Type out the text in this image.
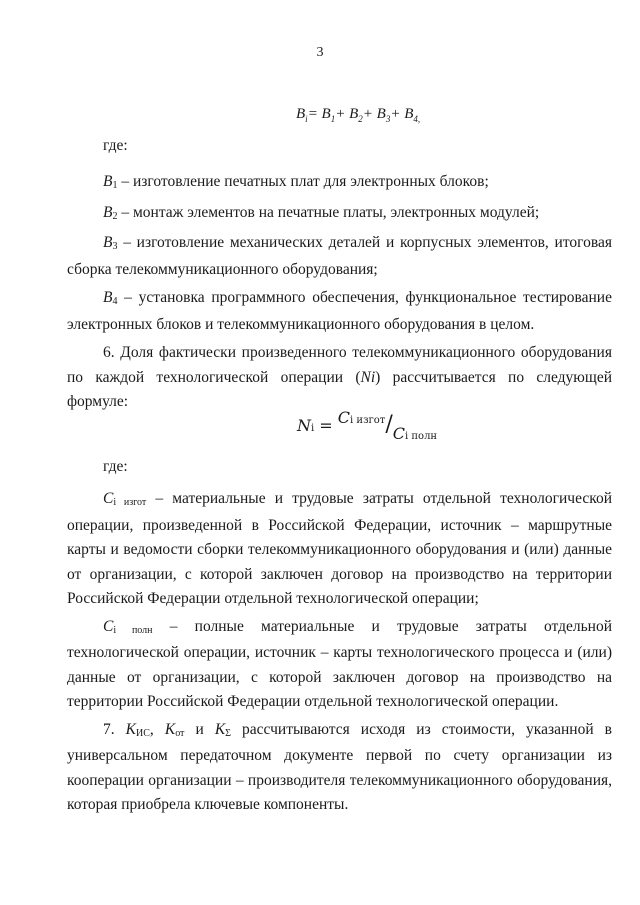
3
$B_i= B_1+ B_2+ B_3+ B_{4,}$
где:

B1 – изготовление печатных плат для электронных блоков;

B2 – монтаж элементов на печатные платы, электронных модулей;

B3 – изготовление механических деталей и корпусных элементов, итоговая сборка телекоммуникационного оборудования;

B4 – установка программного обеспечения, функциональное тестирование электронных блоков и телекоммуникационного оборудования в целом.

6. Доля фактически произведенного телекоммуникационного оборудования по каждой технологической операции (Ni) рассчитывается по следующей формуле:

Ni = Ci изгот/Ci полн
где:

Ci изгот – материальные и трудовые затраты отдельной технологической операции, произведенной в Российской Федерации, источник – маршрутные карты и ведомости сборки телекоммуникационного оборудования и (или) данные от организации, с которой заключен договор на производство на территории Российской Федерации отдельной технологической операции;

Ci полн – полные материальные и трудовые затраты отдельной технологической операции, источник – карты технологического процесса и (или) данные от организации, с которой заключен договор на производство на территории Российской Федерации отдельной технологической операции.

7. KИС, Kот и KΣ рассчитываются исходя из стоимости, указанной в универсальном передаточном документе первой по счету организации из кооперации организации – производителя телекоммуникационного оборудования, которая приобрела ключевые компоненты.
